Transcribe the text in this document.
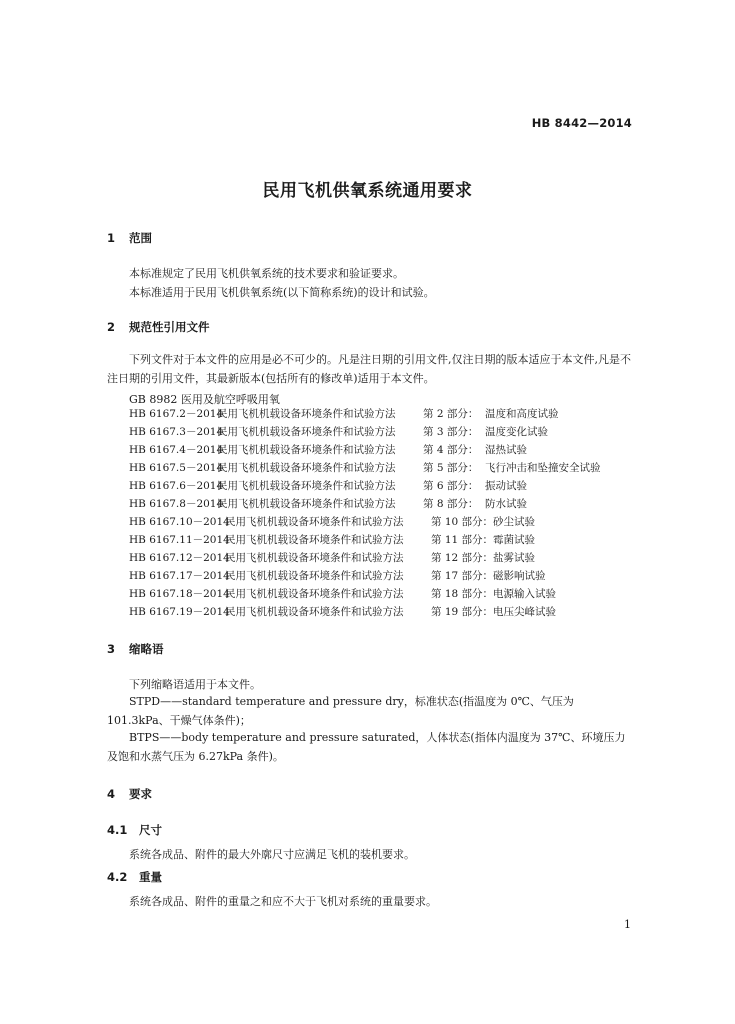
HB 8442—2014
民用飞机供氧系统通用要求
1 范围
本标准规定了民用飞机供氧系统的技术要求和验证要求。
本标准适用于民用飞机供氧系统(以下简称系统)的设计和试验。
2 规范性引用文件
下列文件对于本文件的应用是必不可少的。凡是注日期的引用文件,仅注日期的版本适应于本文件,凡是不注日期的引用文件，其最新版本(包括所有的修改单)适用于本文件。
GB 8982 医用及航空呼吸用氧
HB 6167.2－2014民用飞机机载设备环境条件和试验方法	第 2 部分： 温度和高度试验
HB 6167.3－2014民用飞机机载设备环境条件和试验方法	第 3 部分： 温度变化试验
HB 6167.4－2014民用飞机机载设备环境条件和试验方法	第 4 部分： 湿热试验
HB 6167.5－2014民用飞机机载设备环境条件和试验方法	第 5 部分： 飞行冲击和坠撞安全试验
HB 6167.6－2014民用飞机机载设备环境条件和试验方法	第 6 部分： 振动试验
HB 6167.8－2014民用飞机机载设备环境条件和试验方法	第 8 部分： 防水试验
HB 6167.10－2014民用飞机机载设备环境条件和试验方法	第 10 部分：砂尘试验
HB 6167.11－2014民用飞机机载设备环境条件和试验方法	第 11 部分：霉菌试验
HB 6167.12－2014民用飞机机载设备环境条件和试验方法	第 12 部分：盐雾试验
HB 6167.17－2014民用飞机机载设备环境条件和试验方法	第 17 部分：磁影响试验
HB 6167.18－2014民用飞机机载设备环境条件和试验方法	第 18 部分：电源输入试验
HB 6167.19－2014民用飞机机载设备环境条件和试验方法	第 19 部分：电压尖峰试验
3 缩略语
下列缩略语适用于本文件。
STPD——standard temperature and pressure dry，标准状态(指温度为 0℃、气压为 101.3kPa、干燥气体条件)；
BTPS——body temperature and pressure saturated，人体状态(指体内温度为 37℃、环境压力及饱和水蒸气压为 6.27kPa 条件)。
4 要求
4.1 尺寸
系统各成品、附件的最大外廓尺寸应满足飞机的装机要求。
4.2 重量
系统各成品、附件的重量之和应不大于飞机对系统的重量要求。
1
